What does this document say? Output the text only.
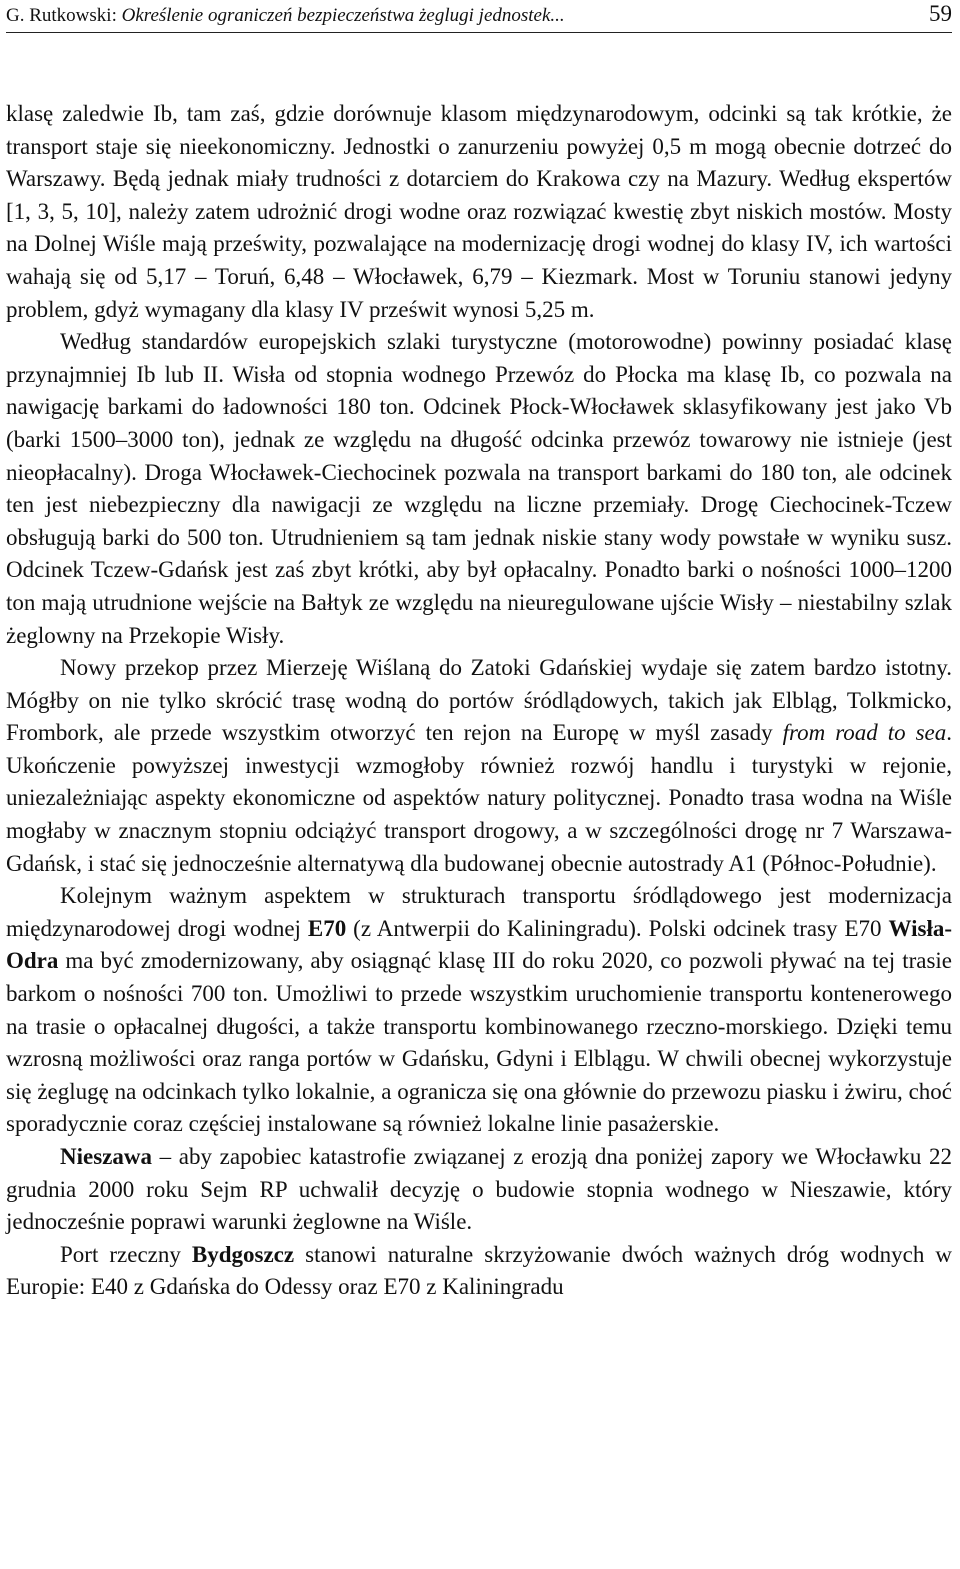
G. Rutkowski: Określenie ograniczeń bezpieczeństwa żeglugi jednostek...	59

klasę zaledwie Ib, tam zaś, gdzie dorównuje klasom międzynarodowym, odcinki są tak krótkie, że transport staje się nieekonomiczny. Jednostki o zanurzeniu powyżej 0,5 m mogą obecnie dotrzeć do Warszawy. Będą jednak miały trudności z dotarciem do Krakowa czy na Mazury. Według ekspertów [1, 3, 5, 10], należy zatem udrożnić drogi wodne oraz rozwiązać kwestię zbyt niskich mostów. Mosty na Dolnej Wiśle mają prześwity, pozwalające na modernizację drogi wodnej do klasy IV, ich wartości wahają się od 5,17 – Toruń, 6,48 – Włocławek, 6,79 – Kiezmark. Most w Toruniu stanowi jedyny problem, gdyż wymagany dla klasy IV prześwit wynosi 5,25 m.

Według standardów europejskich szlaki turystyczne (motorowodne) powinny posiadać klasę przynajmniej Ib lub II. Wisła od stopnia wodnego Przewóz do Płocka ma klasę Ib, co pozwala na nawigację barkami do ładowności 180 ton. Odcinek Płock-Włocławek sklasyfikowany jest jako Vb (barki 1500–3000 ton), jednak ze względu na długość odcinka przewóz towarowy nie istnieje (jest nieopłacalny). Droga Włocławek-Ciechocinek pozwala na transport barkami do 180 ton, ale odcinek ten jest niebezpieczny dla nawigacji ze względu na liczne przemiały. Drogę Ciechocinek-Tczew obsługują barki do 500 ton. Utrudnieniem są tam jednak niskie stany wody powstałe w wyniku susz. Odcinek Tczew-Gdańsk jest zaś zbyt krótki, aby był opłacalny. Ponadto barki o nośności 1000–1200 ton mają utrudnione wejście na Bałtyk ze względu na nieuregulowane ujście Wisły – niestabilny szlak żeglowny na Przekopie Wisły.

Nowy przekop przez Mierzeję Wiślaną do Zatoki Gdańskiej wydaje się zatem bardzo istotny. Mógłby on nie tylko skrócić trasę wodną do portów śródlądowych, takich jak Elbląg, Tolkmicko, Frombork, ale przede wszystkim otworzyć ten rejon na Europę w myśl zasady from road to sea. Ukończenie powyższej inwestycji wzmogłoby również rozwój handlu i turystyki w rejonie, uniezależniając aspekty ekonomiczne od aspektów natury politycznej. Ponadto trasa wodna na Wiśle mogłaby w znacznym stopniu odciążyć transport drogowy, a w szczególności drogę nr 7 Warszawa-Gdańsk, i stać się jednocześnie alternatywą dla budowanej obecnie autostrady A1 (Północ-Południe).

Kolejnym ważnym aspektem w strukturach transportu śródlądowego jest modernizacja międzynarodowej drogi wodnej E70 (z Antwerpii do Kaliningradu). Polski odcinek trasy E70 Wisła-Odra ma być zmodernizowany, aby osiągnąć klasę III do roku 2020, co pozwoli pływać na tej trasie barkom o nośności 700 ton. Umożliwi to przede wszystkim uruchomienie transportu kontenerowego na trasie o opłacalnej długości, a także transportu kombinowanego rzeczno-morskiego. Dzięki temu wzrosną możliwości oraz ranga portów w Gdańsku, Gdyni i Elblągu. W chwili obecnej wykorzystuje się żeglugę na odcinkach tylko lokalnie, a ogranicza się ona głównie do przewozu piasku i żwiru, choć sporadycznie coraz częściej instalowane są również lokalne linie pasażerskie.

Nieszawa – aby zapobiec katastrofie związanej z erozją dna poniżej zapory we Włocławku 22 grudnia 2000 roku Sejm RP uchwalił decyzję o budowie stopnia wodnego w Nieszawie, który jednocześnie poprawi warunki żeglowne na Wiśle.

Port rzeczny Bydgoszcz stanowi naturalne skrzyżowanie dwóch ważnych dróg wodnych w Europie: E40 z Gdańska do Odessy oraz E70 z Kaliningradu
